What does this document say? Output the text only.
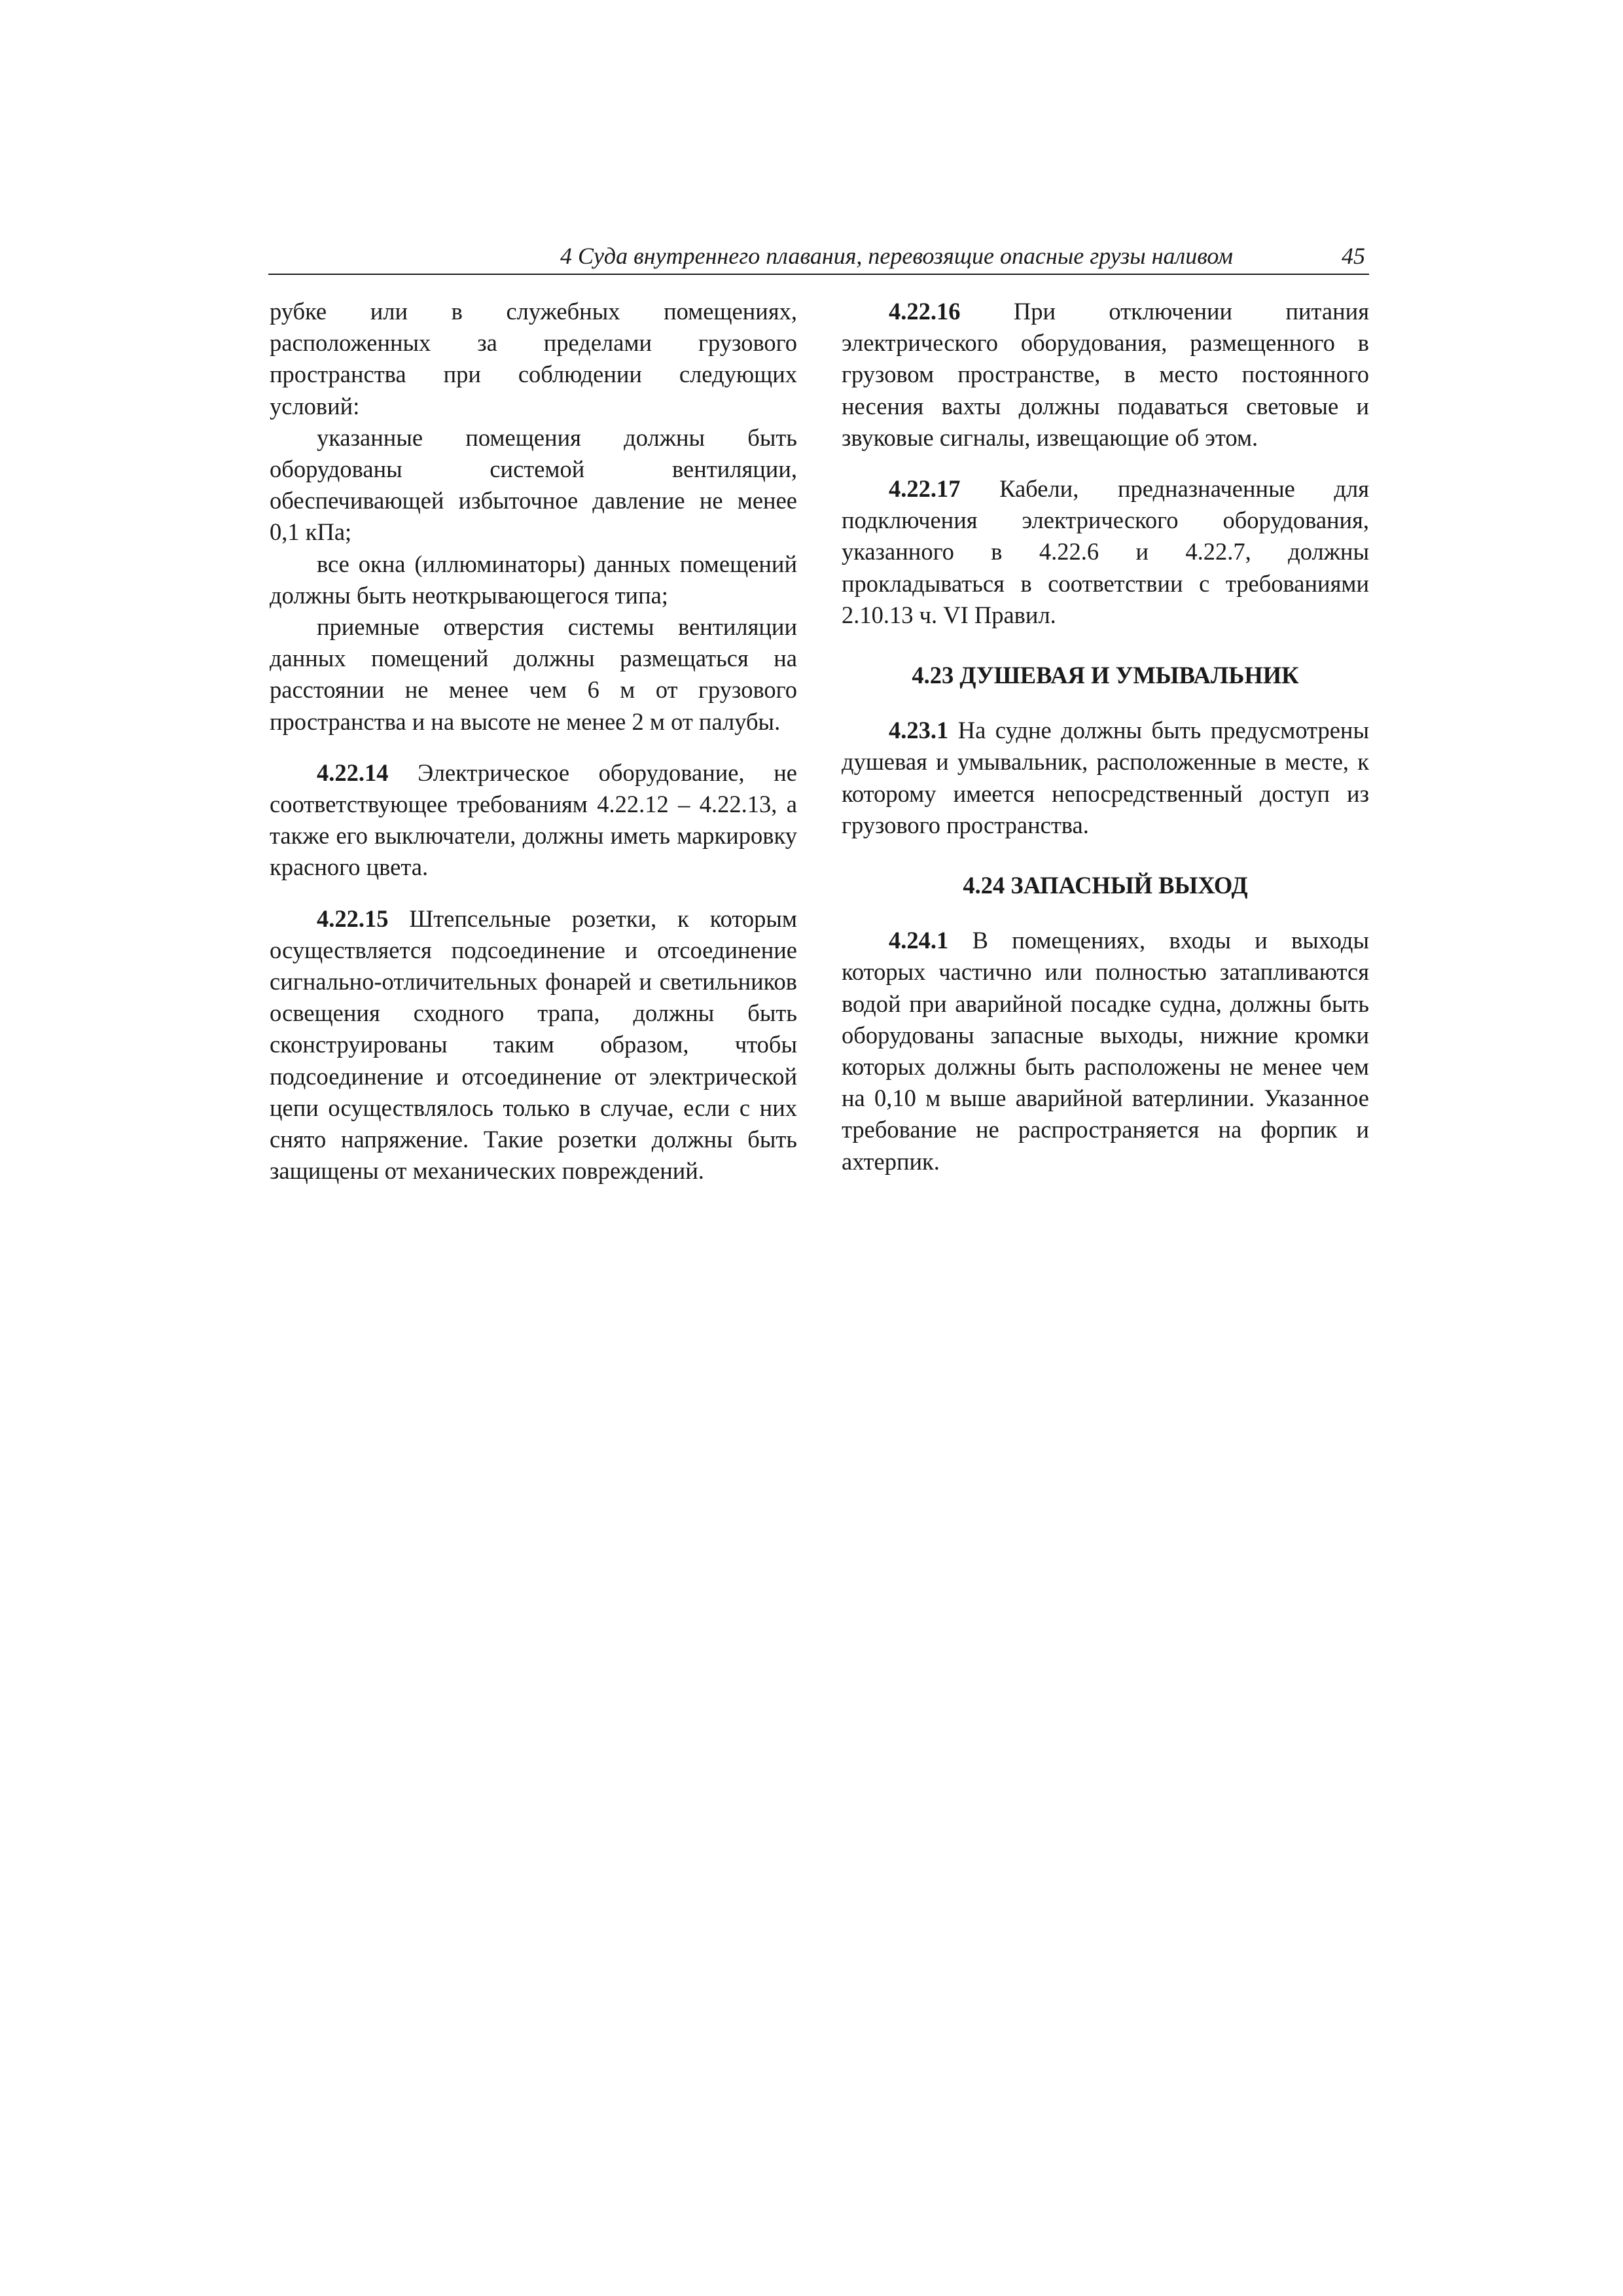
4 Суда внутреннего плавания, перевозящие опасные грузы наливом	45

рубке или в служебных помещениях, расположенных за пределами грузового пространства при соблюдении следующих условий:

указанные помещения должны быть оборудованы системой вентиляции, обеспечивающей избыточное давление не менее 0,1 кПа;

все окна (иллюминаторы) данных помещений должны быть неоткрывающегося типа;

приемные отверстия системы вентиляции данных помещений должны размещаться на расстоянии не менее чем 6 м от грузового пространства и на высоте не менее 2 м от палубы.

4.22.14 Электрическое оборудование, не соответствующее требованиям 4.22.12 – 4.22.13, а также его выключатели, должны иметь маркировку красного цвета.

4.22.15 Штепсельные розетки, к которым осуществляется подсоединение и отсоединение сигнально-отличительных фонарей и светильников освещения сходного трапа, должны быть сконструированы таким образом, чтобы подсоединение и отсоединение от электрической цепи осуществлялось только в случае, если с них снято напряжение. Такие розетки должны быть защищены от механических повреждений.

4.22.16 При отключении питания электрического оборудования, размещенного в грузовом пространстве, в место постоянного несения вахты должны подаваться световые и звуковые сигналы, извещающие об этом.

4.22.17 Кабели, предназначенные для подключения электрического оборудования, указанного в 4.22.6 и 4.22.7, должны прокладываться в соответствии с требованиями 2.10.13 ч. VI Правил.

4.23 ДУШЕВАЯ И УМЫВАЛЬНИК

4.23.1 На судне должны быть предусмотрены душевая и умывальник, расположенные в месте, к которому имеется непосредственный доступ из грузового пространства.

4.24 ЗАПАСНЫЙ ВЫХОД

4.24.1 В помещениях, входы и выходы которых частично или полностью затапливаются водой при аварийной посадке судна, должны быть оборудованы запасные выходы, нижние кромки которых должны быть расположены не менее чем на 0,10 м выше аварийной ватерлинии. Указанное требование не распространяется на форпик и ахтерпик.
